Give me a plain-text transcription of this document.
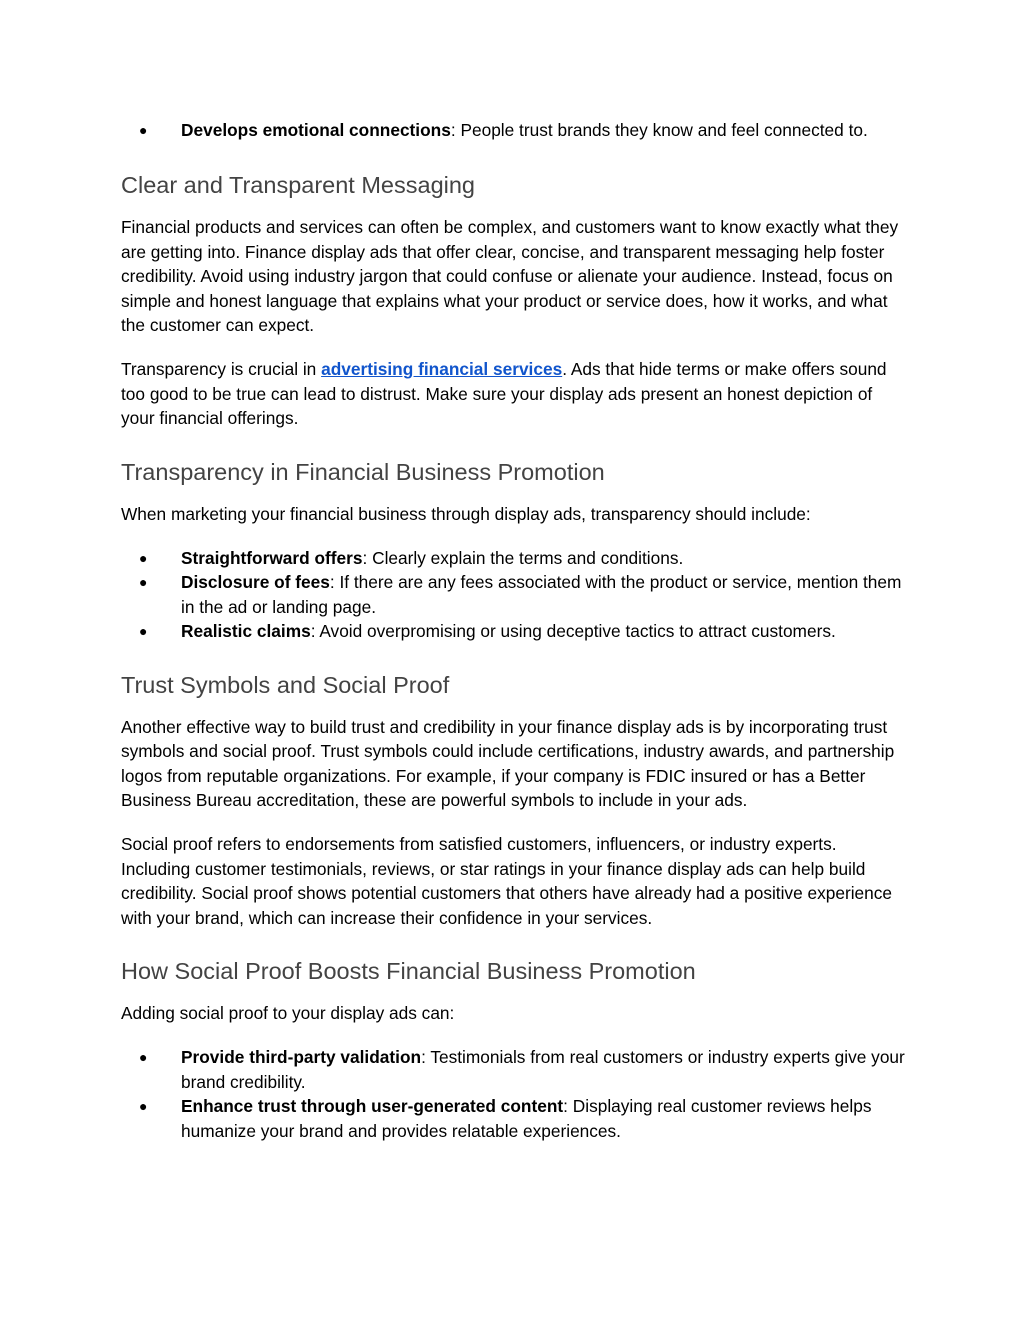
● Develops emotional connections: People trust brands they know and feel connected to.
Clear and Transparent Messaging

Financial products and services can often be complex, and customers want to know exactly what they are getting into. Finance display ads that offer clear, concise, and transparent messaging help foster credibility. Avoid using industry jargon that could confuse or alienate your audience. Instead, focus on simple and honest language that explains what your product or service does, how it works, and what the customer can expect.

Transparency is crucial in advertising financial services. Ads that hide terms or make offers sound too good to be true can lead to distrust. Make sure your display ads present an honest depiction of your financial offerings.

Transparency in Financial Business Promotion

When marketing your financial business through display ads, transparency should include:

● Straightforward offers: Clearly explain the terms and conditions.
● Disclosure of fees: If there are any fees associated with the product or service, mention them in the ad or landing page.
● Realistic claims: Avoid overpromising or using deceptive tactics to attract customers.
Trust Symbols and Social Proof

Another effective way to build trust and credibility in your finance display ads is by incorporating trust symbols and social proof. Trust symbols could include certifications, industry awards, and partnership logos from reputable organizations. For example, if your company is FDIC insured or has a Better Business Bureau accreditation, these are powerful symbols to include in your ads.

Social proof refers to endorsements from satisfied customers, influencers, or industry experts. Including customer testimonials, reviews, or star ratings in your finance display ads can help build credibility. Social proof shows potential customers that others have already had a positive experience with your brand, which can increase their confidence in your services.

How Social Proof Boosts Financial Business Promotion

Adding social proof to your display ads can:

● Provide third-party validation: Testimonials from real customers or industry experts give your brand credibility.
● Enhance trust through user-generated content: Displaying real customer reviews helps humanize your brand and provides relatable experiences.
